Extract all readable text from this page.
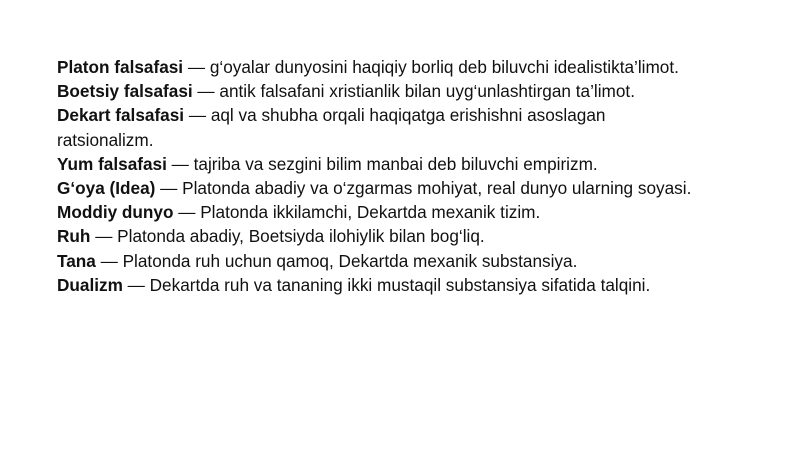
Platon falsafasi — g‘oyalar dunyosini haqiqiy borliq deb biluvchi idealistikta’limot.

Boetsiy falsafasi — antik falsafani xristianlik bilan uyg‘unlashtirgan ta’limot.

Dekart falsafasi — aql va shubha orqali haqiqatga erishishni asoslagan ratsionalizm.

Yum falsafasi — tajriba va sezgini bilim manbai deb biluvchi empirizm.

G‘oya (Idea) — Platonda abadiy va o‘zgarmas mohiyat, real dunyo ularning soyasi.

Moddiy dunyo — Platonda ikkilamchi, Dekartda mexanik tizim.

Ruh — Platonda abadiy, Boetsiyda ilohiylik bilan bog‘liq.

Tana — Platonda ruh uchun qamoq, Dekartda mexanik substansiya.

Dualizm — Dekartda ruh va tananing ikki mustaqil substansiya sifatida talqini.
